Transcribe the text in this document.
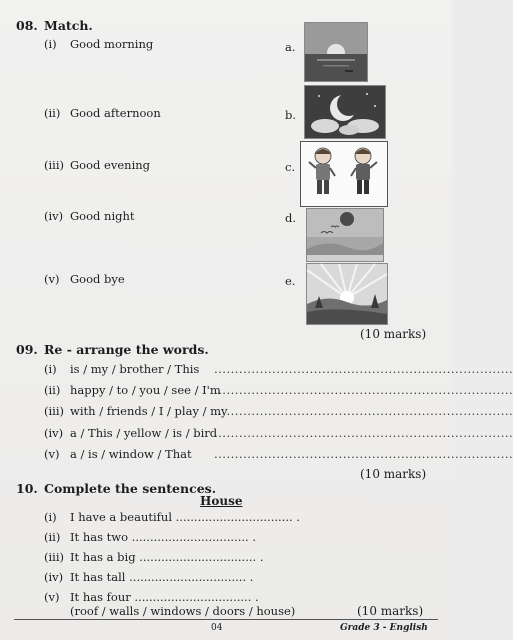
08. Match.
(i) Good morning
(ii) Good afternoon
(iii) Good evening
(iv) Good night
(v) Good bye
a.
b.
c.
d.
e.
(10 marks)
09. Re - arrange the words.
(i) is / my / brother / This ........................................................................
(ii) happy / to / you / see / I'm
........................................................................
(iii) with / friends / I / play / my
........................................................................
(iv) a / This / yellow / is / bird
........................................................................
(v) a / is / window / That ........................................................................
(10 marks)
10. Complete the sentences.
House
(i) I have a beautiful ................................ .
(ii) It has two ................................ .
(iii) It has a big ................................ .
(iv) It has tall ................................ .
(v) It has four ................................ .
(roof / walls / windows / doors / house)	(10 marks)
04	Grade 3 - English
